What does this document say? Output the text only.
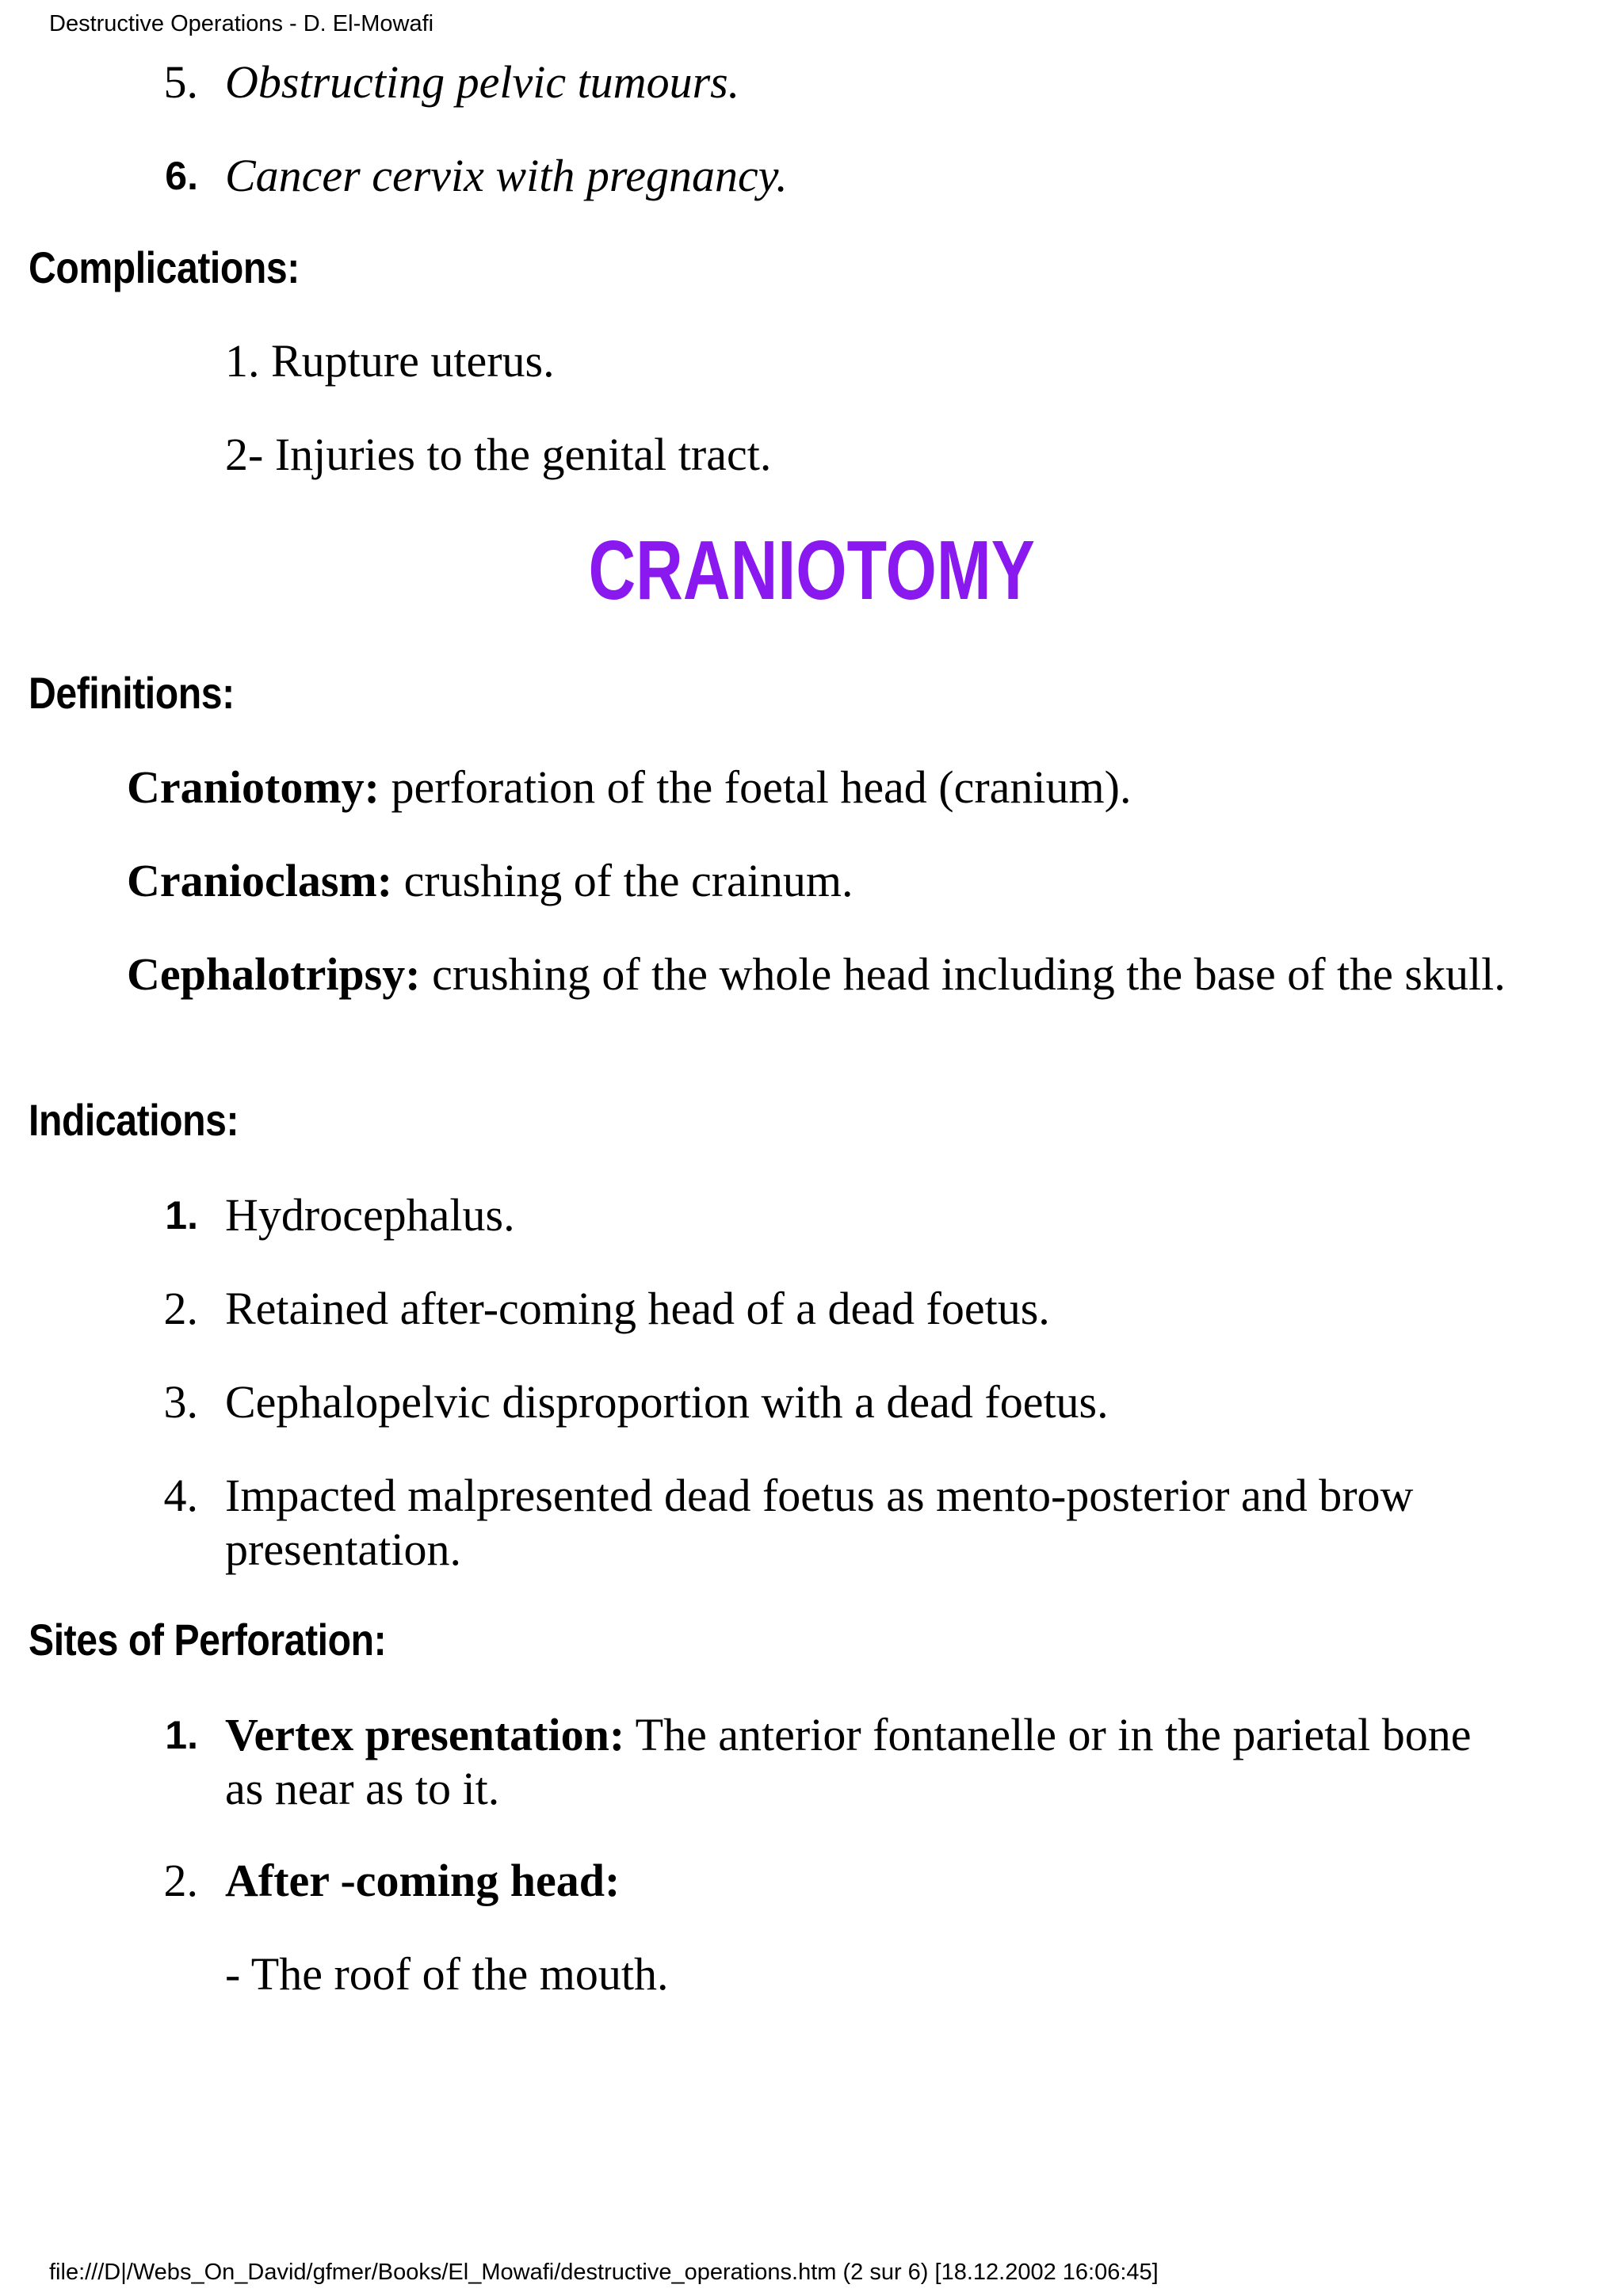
Destructive Operations - D. El-Mowafi
5. Obstructing pelvic tumours.
6. Cancer cervix with pregnancy.
Complications:
1. Rupture uterus.
2- Injuries to the genital tract.
CRANIOTOMY
Definitions:
Craniotomy: perforation of the foetal head (cranium).
Cranioclasm: crushing of the crainum.
Cephalotripsy: crushing of the whole head including the base of the skull.
Indications:
1. Hydrocephalus.
2. Retained after-coming head of a dead foetus.
3. Cephalopelvic disproportion with a dead foetus.
4. Impacted malpresented dead foetus as mento-posterior and brow presentation.
Sites of Perforation:
1. Vertex presentation: The anterior fontanelle or in the parietal bone as near as to it.
2. After -coming head:
- The roof of the mouth.
file:///D|/Webs_On_David/gfmer/Books/El_Mowafi/destructive_operations.htm (2 sur 6) [18.12.2002 16:06:45]
